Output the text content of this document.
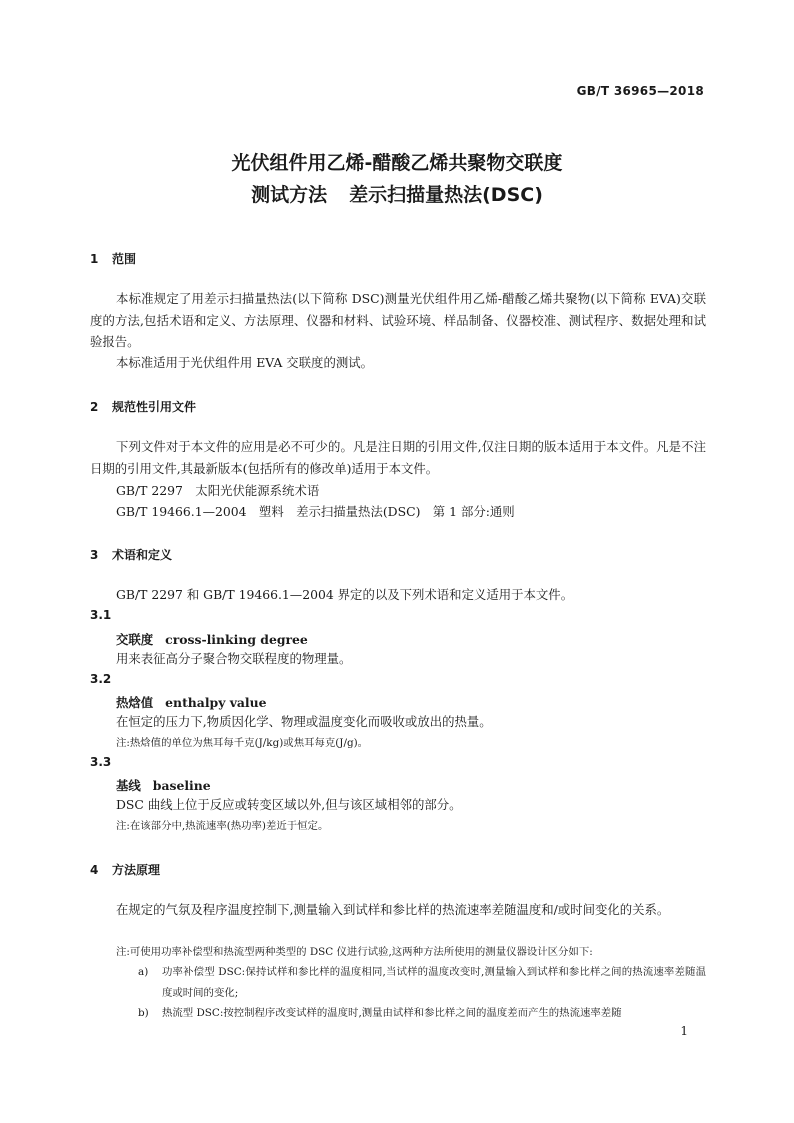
GB/T 36965—2018
光伏组件用乙烯-醋酸乙烯共聚物交联度
测试方法 差示扫描量热法(DSC)
1 范围
本标准规定了用差示扫描量热法(以下简称 DSC)测量光伏组件用乙烯-醋酸乙烯共聚物(以下简称 EVA)交联度的方法,包括术语和定义、方法原理、仪器和材料、试验环境、样品制备、仪器校准、测试程序、数据处理和试验报告。
本标准适用于光伏组件用 EVA 交联度的测试。
2 规范性引用文件
下列文件对于本文件的应用是必不可少的。凡是注日期的引用文件,仅注日期的版本适用于本文件。凡是不注日期的引用文件,其最新版本(包括所有的修改单)适用于本文件。
GB/T 2297　太阳光伏能源系统术语
GB/T 19466.1—2004　塑料　差示扫描量热法(DSC)　第 1 部分:通则
3 术语和定义
GB/T 2297 和 GB/T 19466.1—2004 界定的以及下列术语和定义适用于本文件。
3.1
交联度 cross-linking degree
用来表征高分子聚合物交联程度的物理量。
3.2
热焓值 enthalpy value
在恒定的压力下,物质因化学、物理或温度变化而吸收或放出的热量。
注:热焓值的单位为焦耳每千克(J/kg)或焦耳每克(J/g)。
3.3
基线 baseline
DSC 曲线上位于反应或转变区域以外,但与该区域相邻的部分。
注:在该部分中,热流速率(热功率)差近于恒定。
4 方法原理
在规定的气氛及程序温度控制下,测量输入到试样和参比样的热流速率差随温度和/或时间变化的关系。
注:可使用功率补偿型和热流型两种类型的 DSC 仪进行试验,这两种方法所使用的测量仪器设计区分如下:
a)	功率补偿型 DSC:保持试样和参比样的温度相同,当试样的温度改变时,测量输入到试样和参比样之间的热流速率差随温度或时间的变化;
b)	热流型 DSC:按控制程序改变试样的温度时,测量由试样和参比样之间的温度差而产生的热流速率差随
1
